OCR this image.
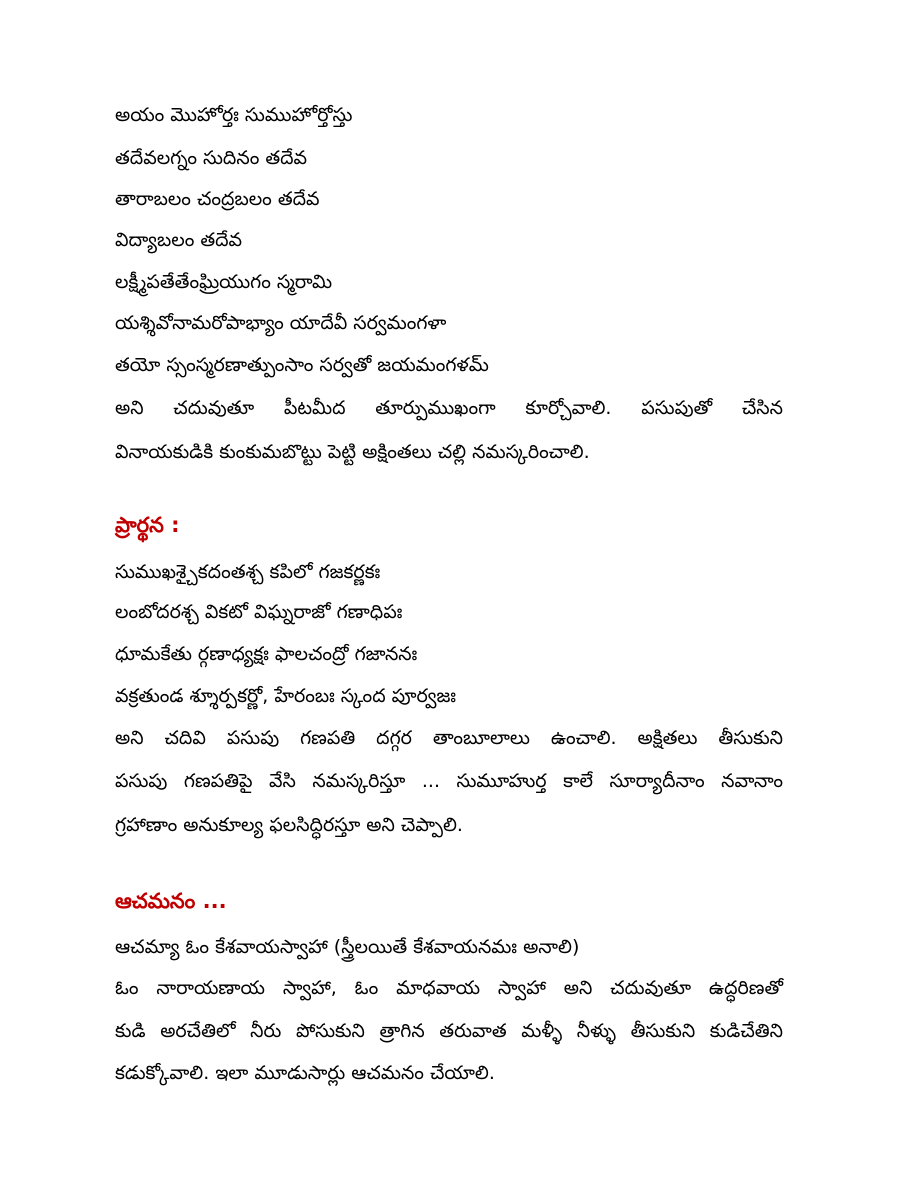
అయం మొహోర్తః సుముహోర్తోస్తు
తదేవలగ్నం సుదినం తదేవ
తారాబలం చంద్రబలం తదేవ
విద్యాబలం తదేవ
లక్ష్మీపతేతేంఘ్రియుగం స్మరామి
యశ్శివోనామరోపాభ్యాం యాదేవీ సర్వమంగళా
తయో స్సంస్మరణాత్పుంసాం సర్వతో జయమంగళమ్
అని చదువుతూ పీటమీద తూర్పుముఖంగా కూర్చోవాలి. పసుపుతో చేసిన
వినాయకుడికి కుంకుమబొట్టు పెట్టి అక్షింతలు చల్లి నమస్కరించాలి.
ప్రార్థన :
సుముఖశ్చైకదంతశ్చ కపిలో గజకర్ణకః
లంబోదరశ్చ వికటో విఘ్నరాజో గణాధిపః
ధూమకేతు ర్గణాధ్యక్షః ఫాలచంద్రో గజాననః
వక్రతుండ శ్శూర్పకర్ణో, హేరంబః స్కంద పూర్వజః
అని చదివి పసుపు గణపతి దగ్గర తాంబూలాలు ఉంచాలి. అక్షితలు తీసుకుని
పసుపు గణపతిపై వేసి నమస్కరిస్తూ ... సుమూహుర్త కాలే సూర్యాదీనాం నవానాం
గ్రహాణాం అనుకూల్య ఫలసిద్ధిరస్తూ అని చెప్పాలి.
ఆచమనం ...
ఆచమ్యా ఓం కేశవాయస్వాహా (స్త్రీలయితే కేశవాయనమః అనాలి)
ఓం నారాయణాయ స్వాహా, ఓం మాధవాయ స్వాహా అని చదువుతూ ఉద్ధరిణతో
కుడి అరచేతిలో నీరు పోసుకుని త్రాగిన తరువాత మళ్ళీ నీళ్ళు తీసుకుని కుడిచేతిని
కడుక్కోవాలి. ఇలా మూడుసార్లు ఆచమనం చేయాలి.
